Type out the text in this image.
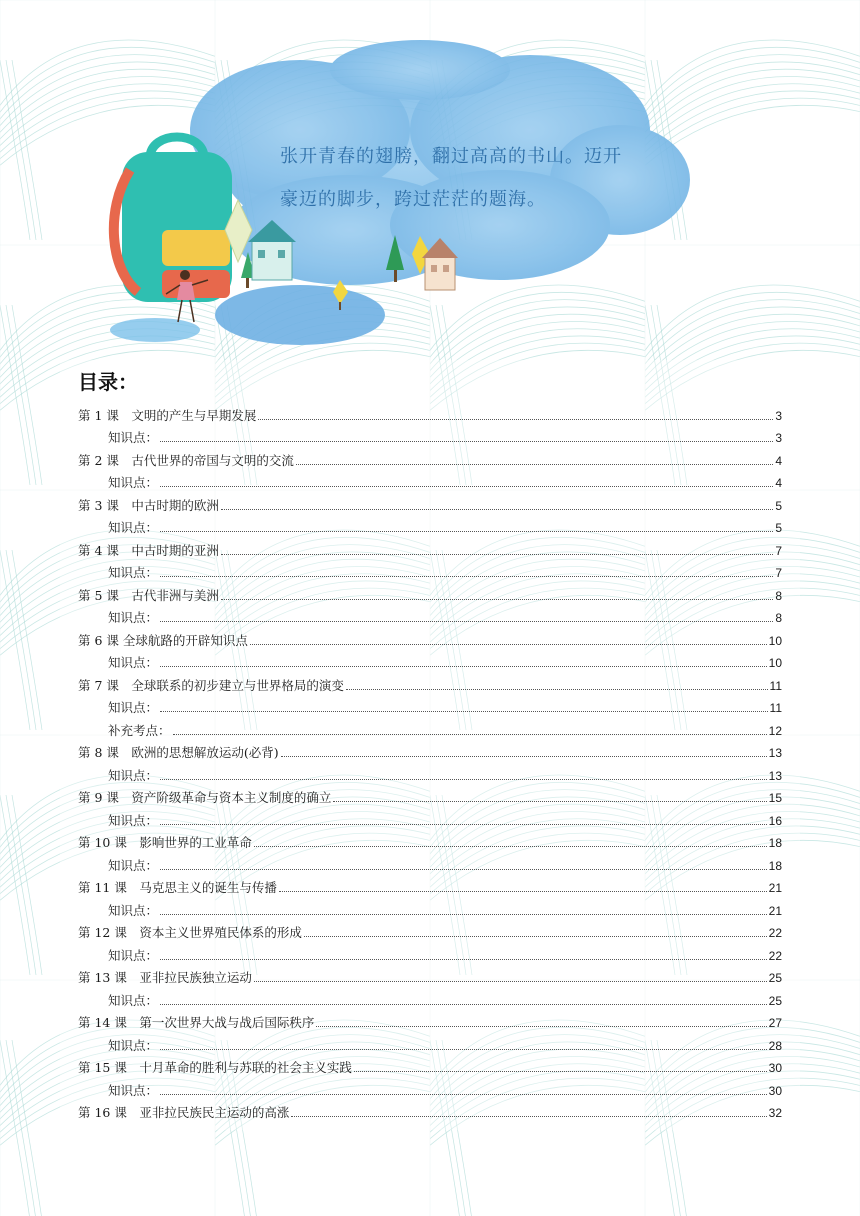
张开青春的翅膀，翻过高高的书山。迈开
豪迈的脚步，跨过茫茫的题海。
目录：
第 1 课　文明的产生与早期发展	3
知识点：	3
第 2 课　古代世界的帝国与文明的交流	4
知识点：	4
第 3 课　中古时期的欧洲	5
知识点：	5
第 4 课　中古时期的亚洲	7
知识点：	7
第 5 课　古代非洲与美洲	8
知识点：	8
第 6 课 全球航路的开辟知识点	10
知识点：	10
第 7 课　全球联系的初步建立与世界格局的演变	11
知识点：	11
补充考点：	12
第 8 课　欧洲的思想解放运动(必背)	13
知识点：	13
第 9 课　资产阶级革命与资本主义制度的确立	15
知识点：	16
第 10 课　影响世界的工业革命	18
知识点：	18
第 11 课　马克思主义的诞生与传播	21
知识点：	21
第 12 课　资本主义世界殖民体系的形成	22
知识点：	22
第 13 课　亚非拉民族独立运动	25
知识点：	25
第 14 课　第一次世界大战与战后国际秩序	27
知识点：	28
第 15 课　十月革命的胜利与苏联的社会主义实践	30
知识点：	30
第 16 课　亚非拉民族民主运动的高涨	32
